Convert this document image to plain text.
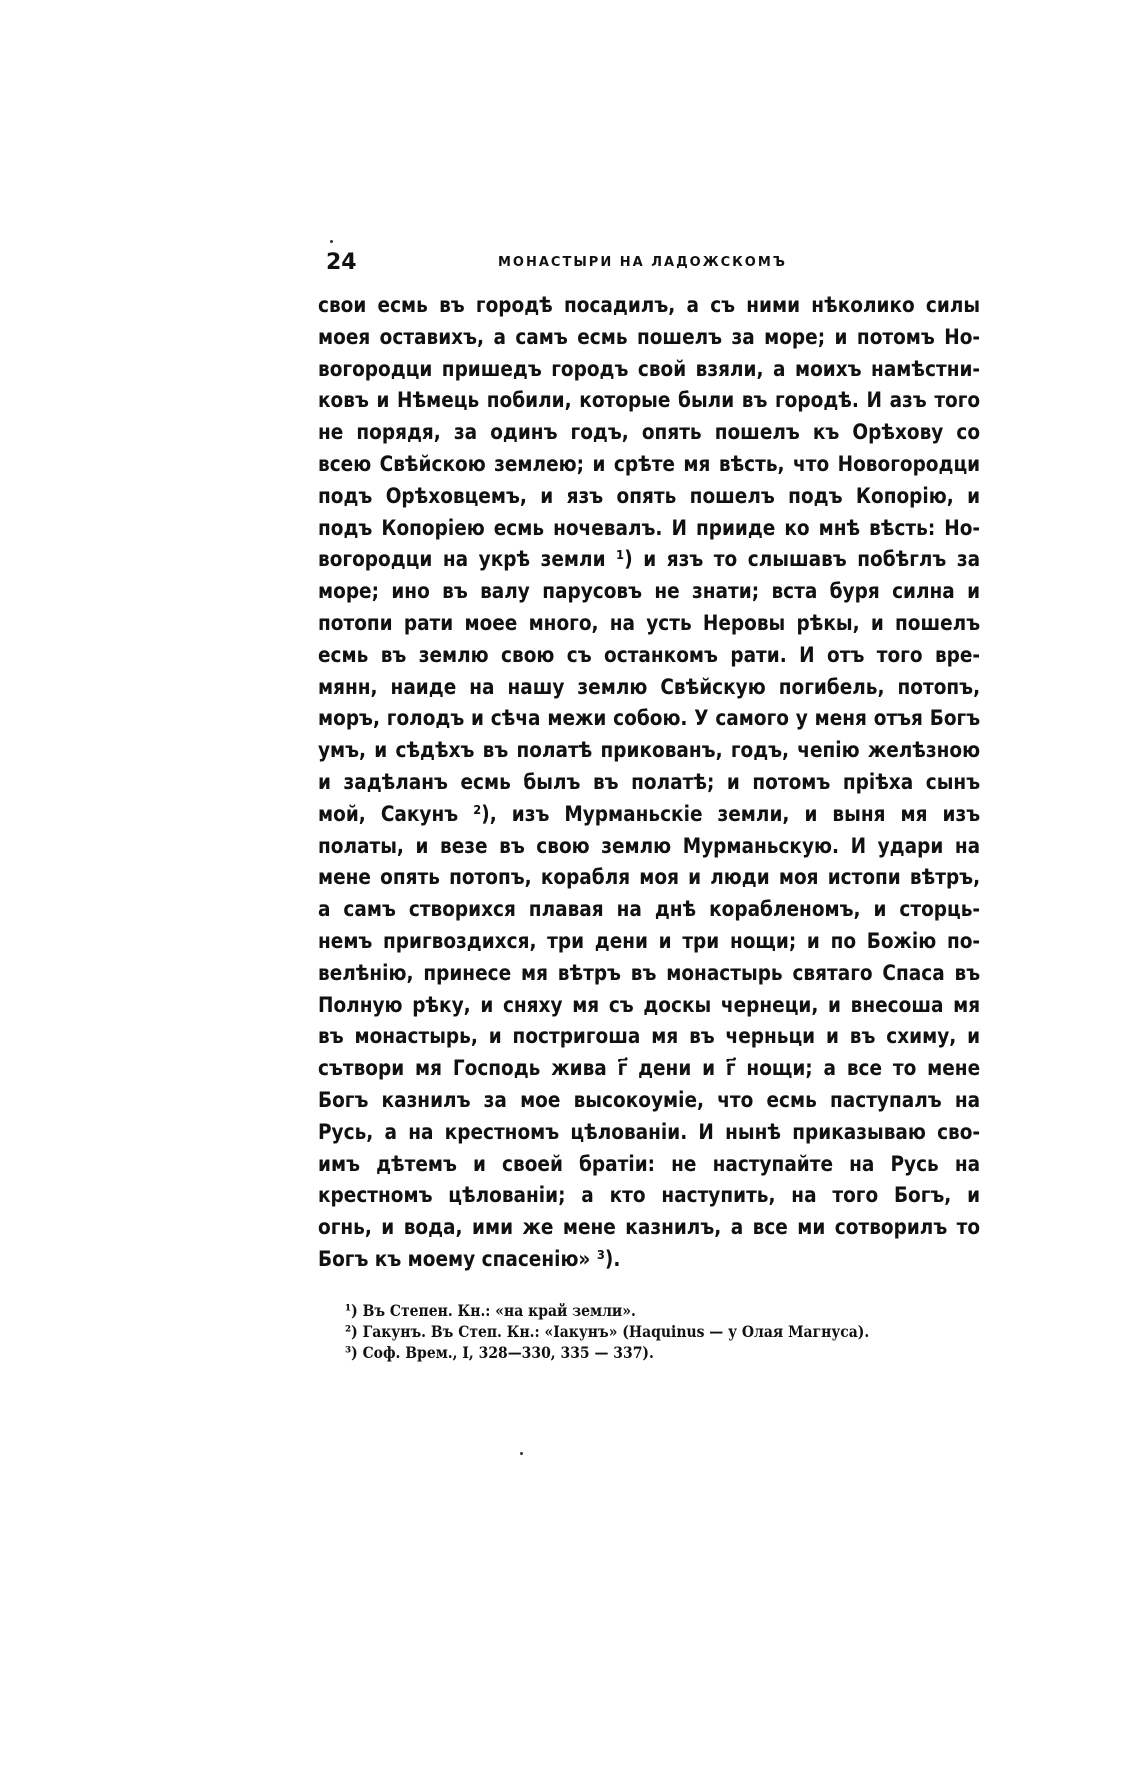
24	МОНАСТЫРИ НА ЛАДОЖСКОМЪ
свои есмь въ городѣ посадилъ, а съ ними нѣколико силы
моея оставихъ, а самъ есмь пошелъ за море; и потомъ Но-
вогородци пришедъ городъ свой взяли, а моихъ намѣстни-
ковъ и Нѣмець побили, которые были въ городѣ. И азъ того
не порядя, за одинъ годъ, опять пошелъ къ Орѣхову со
всею Свѣйскою землею; и срѣте мя вѣсть, что Новогородци
подъ Орѣховцемъ, и язъ опять пошелъ подъ Копорію, и
подъ Копоріею есмь ночевалъ. И прииде ко мнѣ вѣсть: Но-
вогородци на укрѣ земли ¹) и язъ то слышавъ побѣглъ за
море; ино въ валу парусовъ не знати; вста буря силна и
потопи рати моее много, на усть Неровы рѣкы, и пошелъ
есмь въ землю свою съ останкомъ рати. И отъ того вре-
мянн, наиде на нашу землю Свѣйскую погибель, потопъ,
моръ, голодъ и сѣча межи собою. У самого у меня отъя Богъ
умъ, и сѣдѣхъ въ полатѣ прикованъ, годъ, чепію желѣзною
и задѣланъ есмь былъ въ полатѣ; и потомъ пріѣха сынъ
мой, Сакунъ ²), изъ Мурманьскіе земли, и выня мя изъ
полаты, и везе въ свою землю Мурманьскую. И удари на
мене опять потопъ, корабля моя и люди моя истопи вѣтръ,
а самъ створихся плавая на днѣ корабленомъ, и сторць-
немъ пригвоздихся, три дени и три нощи; и по Божію по-
велѣнію, принесе мя вѣтръ въ монастырь святаго Спаса въ
Полную рѣку, и сняху мя съ доскы чернеци, и внесоша мя
въ монастырь, и постригоша мя въ черньци и въ схиму, и
сътвори мя Господь жива г҃ дени и г҃ нощи; а все то мене
Богъ казнилъ за мое высокоуміе, что есмь паступалъ на
Русь, а на крестномъ цѣлованіи. И нынѣ приказываю сво-
имъ дѣтемъ и своей братіи: не наступайте на Русь на
крестномъ цѣлованіи; а кто наступить, на того Богъ, и
огнь, и вода, ими же мене казнилъ, а все ми сотворилъ то
Богъ къ моему спасенію» ³).
¹) Въ Степен. Кн.: «на край земли».
²) Гакунъ. Въ Степ. Кн.: «Іакунъ» (Haquinus — у Олая Магнуса).
³) Соф. Врем., I, 328—330, 335 — 337).
